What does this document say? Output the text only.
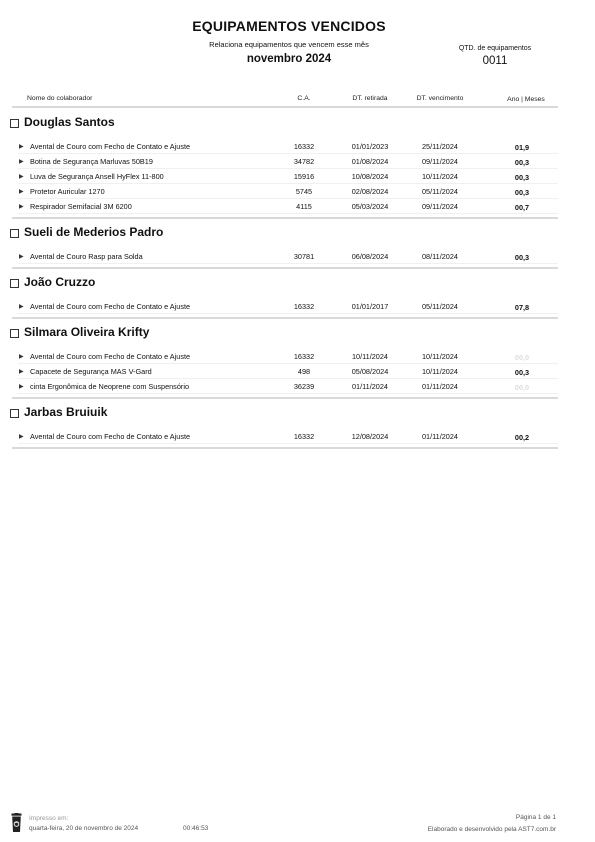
EQUIPAMENTOS VENCIDOS
Relaciona equipamentos que vencem esse mês
novembro 2024
QTD. de equipamentos
0011
Nome do colaborador	C.A.	DT. retirada	DT. vencimento	Ano | Meses
Douglas Santos
▶ Avental de Couro com Fecho de Contato e Ajuste	16332	01/01/2023	25/11/2024	01,9
▶ Botina de Segurança Marluvas 50B19	34782	01/08/2024	09/11/2024	00,3
▶ Luva de Segurança Ansell HyFlex 11-800	15916	10/08/2024	10/11/2024	00,3
▶ Protetor Auricular 1270	5745	02/08/2024	05/11/2024	00,3
▶ Respirador Semifacial 3M 6200	4115	05/03/2024	09/11/2024	00,7
Sueli de Mederios Padro
▶ Avental de Couro Rasp para Solda	30781	06/08/2024	08/11/2024	00,3
João Cruzzo
▶ Avental de Couro com Fecho de Contato e Ajuste	16332	01/01/2017	05/11/2024	07,8
Silmara Oliveira Krifty
▶ Avental de Couro com Fecho de Contato e Ajuste	16332	10/11/2024	10/11/2024	00,0
▶ Capacete de Segurança MAS V-Gard	498	05/08/2024	10/11/2024	00,3
▶ cinta Ergonômica de Neoprene com Suspensório	36239	01/11/2024	01/11/2024	00,0
Jarbas Bruiuik
▶ Avental de Couro com Fecho de Contato e Ajuste	16332	12/08/2024	01/11/2024	00,2
Impresso em:
quarta-feira, 20 de novembro de 2024	00:46:53
Página 1 de 1
Elaborado e desenvolvido pela AST7.com.br
